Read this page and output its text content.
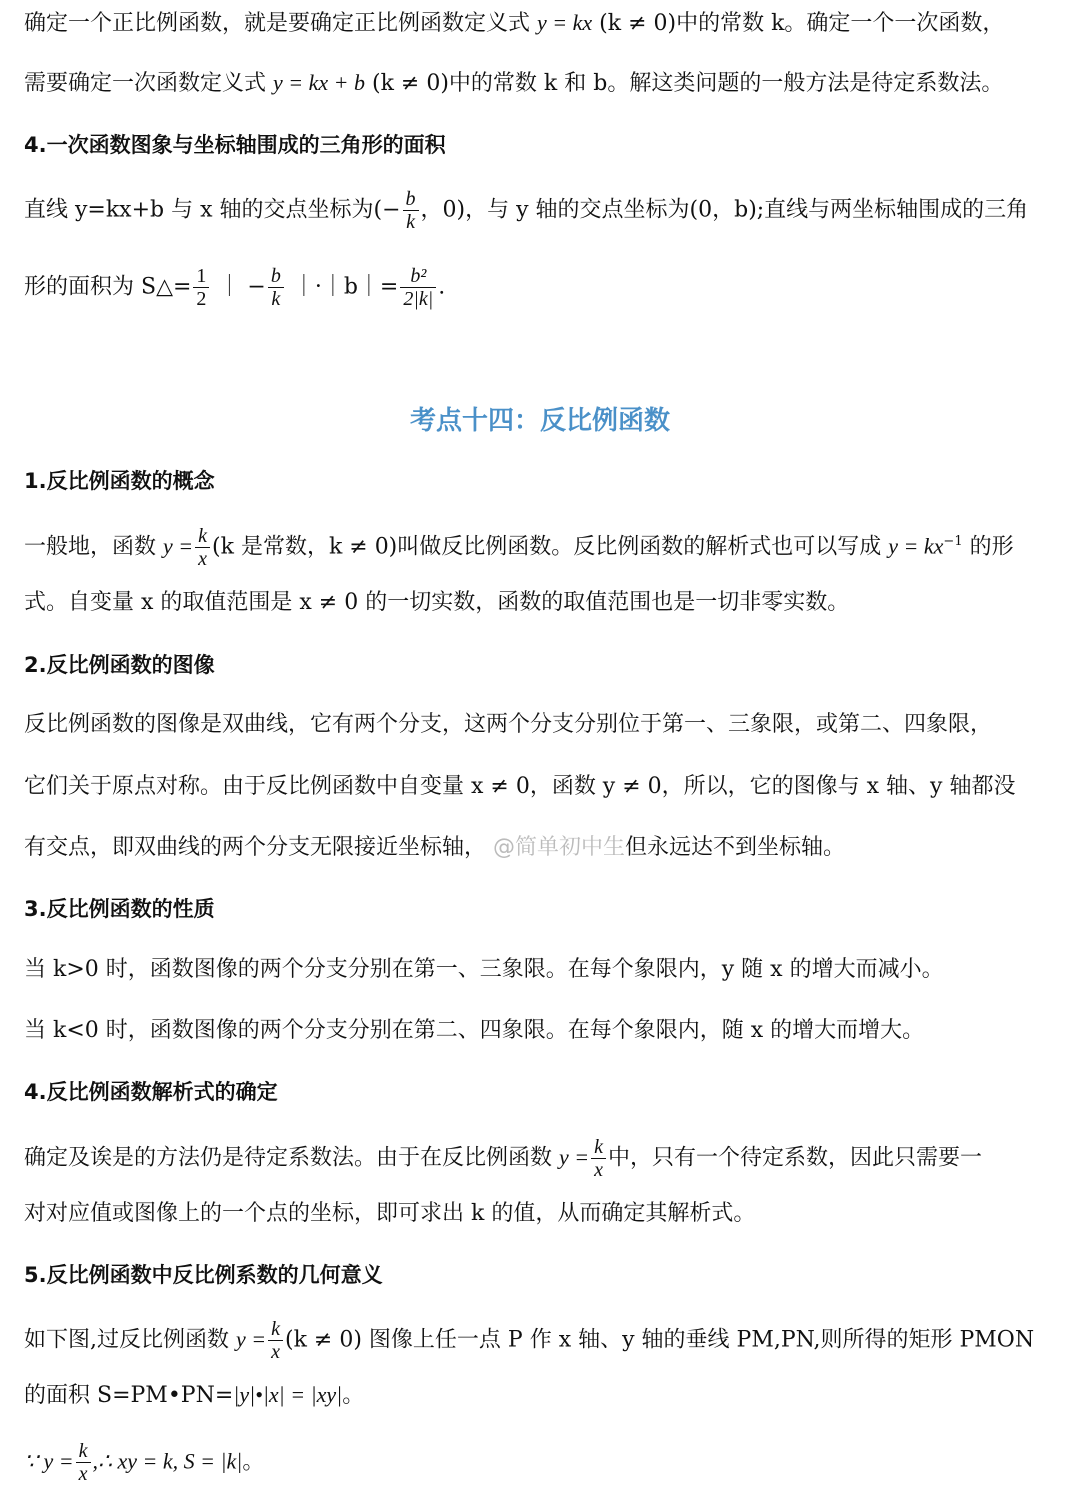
确定一个正比例函数，就是要确定正比例函数定义式 y = kx (k ≠ 0)中的常数 k。确定一个一次函数，
需要确定一次函数定义式 y = kx + b (k ≠ 0)中的常数 k 和 b。解这类问题的一般方法是待定系数法。
4.一次函数图象与坐标轴围成的三角形的面积
直线 y=kx+b 与 x 轴的交点坐标为(− $\frac{b}{k}$ ，0)，与 y 轴的交点坐标为(0，b);直线与两坐标轴围成的三角
形的面积为 S△= $\frac{1}{2}$ ｜ − $\frac{b}{k}$ ｜·｜b｜= $\frac{\text{b²}}{2|k|}$ .
考点十四：反比例函数
1.反比例函数的概念
一般地，函数 $y = \frac{k}{x} (k$ 是常数，k ≠ 0)叫做反比例函数。反比例函数的解析式也可以写成 $y = kx^{-1}$ 的形
式。自变量 x 的取值范围是 x ≠ 0 的一切实数，函数的取值范围也是一切非零实数。
2.反比例函数的图像
反比例函数的图像是双曲线，它有两个分支，这两个分支分别位于第一、三象限，或第二、四象限，
它们关于原点对称。由于反比例函数中自变量 x ≠ 0，函数 y ≠ 0，所以，它的图像与 x 轴、y 轴都没
有交点，即双曲线的两个分支无限接近坐标轴， @简单初中生但永远达不到坐标轴。
3.反比例函数的性质
当 k>0 时，函数图像的两个分支分别在第一、三象限。在每个象限内，y 随 x 的增大而减小。
当 k<0 时，函数图像的两个分支分别在第二、四象限。在每个象限内，随 x 的增大而增大。
4.反比例函数解析式的确定
确定及诶是的方法仍是待定系数法。由于在反比例函数 $y = \frac{k}{x}$ 中，只有一个待定系数，因此只需要一
对对应值或图像上的一个点的坐标，即可求出 k 的值，从而确定其解析式。
5.反比例函数中反比例系数的几何意义
如下图,过反比例函数 $y = \frac{k}{x} (k \ne 0)$ 图像上任一点 P 作 x 轴、y 轴的垂线 PM,PN,则所得的矩形 PMON
的面积 S=PM•PN=|y|•|x| = |xy|。
∵ $y = \frac{k}{x}$ ,∴ xy = k, S = |k|。
